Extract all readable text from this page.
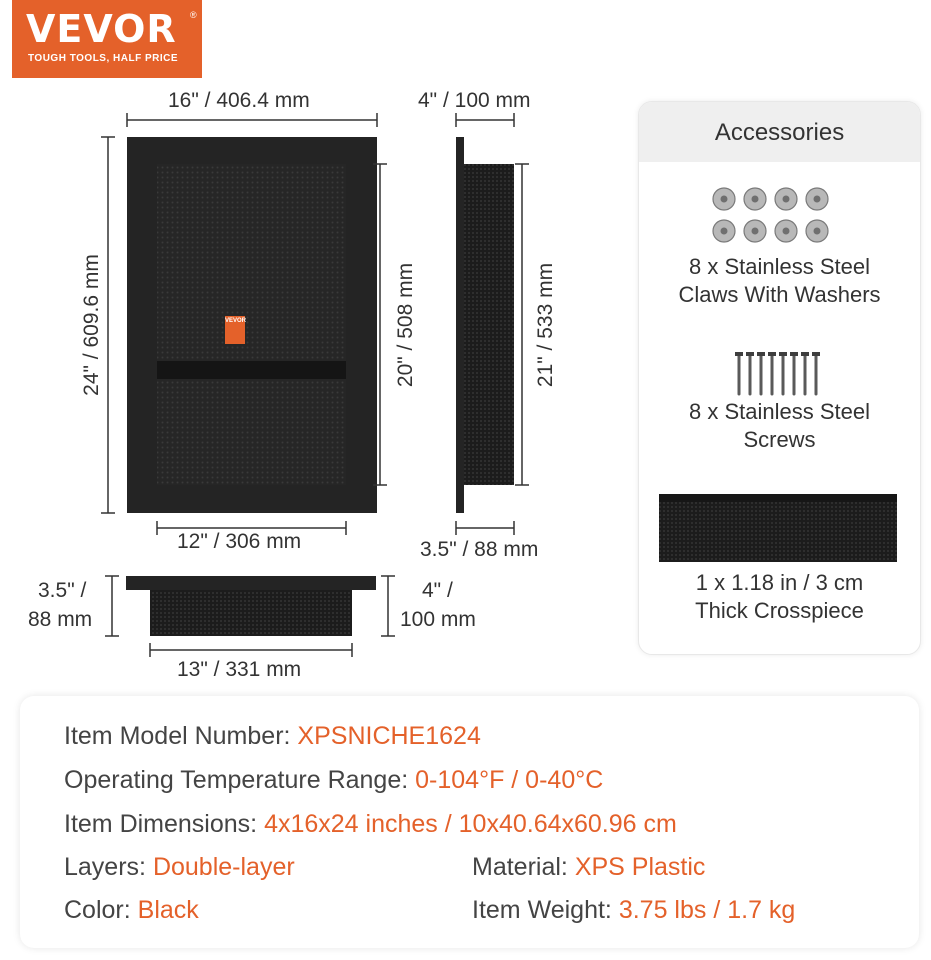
VEVOR ®
TOUGH TOOLS, HALF PRICE
VEVOR
16" / 406.4 mm
24" / 609.6 mm	20" / 508 mm
12" / 306 mm
4" / 100 mm
21" / 533 mm
3.5" / 88 mm
3.5" /
88 mm
4" /
100 mm
13" / 331 mm
Accessories
8 x Stainless Steel
Claws With Washers
8 x Stainless Steel
Screws
1 x 1.18 in / 3 cm
Thick Crosspiece
Item Model Number: XPSNICHE1624
Operating Temperature Range: 0-104°F / 0-40°C
Item Dimensions: 4x16x24 inches / 10x40.64x60.96 cm
Layers: Double-layer	Material: XPS Plastic
Color: Black	Item Weight: 3.75 lbs / 1.7 kg
